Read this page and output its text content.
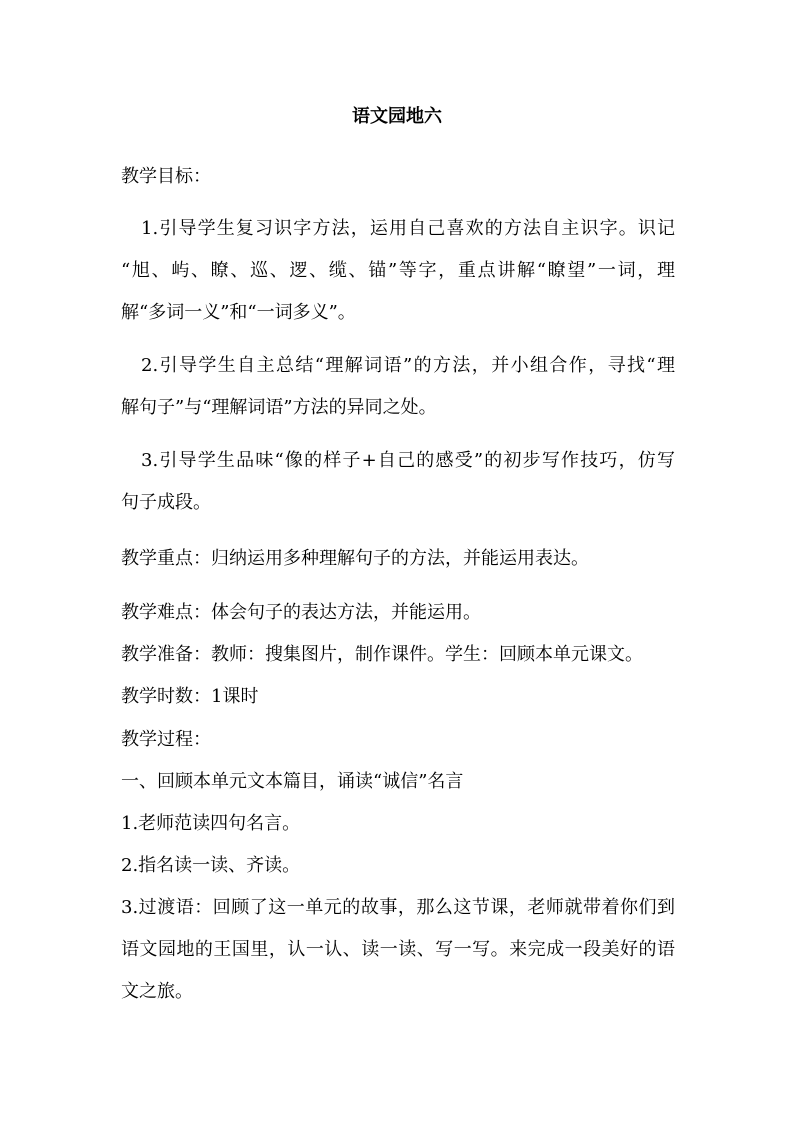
语文园地六
教学目标：
1.引导学生复习识字方法，运用自己喜欢的方法自主识字。识记
“旭、屿、瞭、巡、逻、缆、锚”等字，重点讲解“瞭望”一词，理
解“多词一义”和“一词多义”。
2.引导学生自主总结“理解词语”的方法，并小组合作，寻找“理
解句子”与“理解词语”方法的异同之处。
3.引导学生品味“像的样子+自己的感受”的初步写作技巧，仿写
句子成段。
教学重点：归纳运用多种理解句子的方法，并能运用表达。
教学难点：体会句子的表达方法，并能运用。
教学准备：教师：搜集图片，制作课件。学生：回顾本单元课文。
教学时数：1课时
教学过程：
一、回顾本单元文本篇目，诵读“诚信”名言
1.老师范读四句名言。
2.指名读一读、齐读。
3.过渡语：回顾了这一单元的故事，那么这节课，老师就带着你们到
语文园地的王国里，认一认、读一读、写一写。来完成一段美好的语
文之旅。
